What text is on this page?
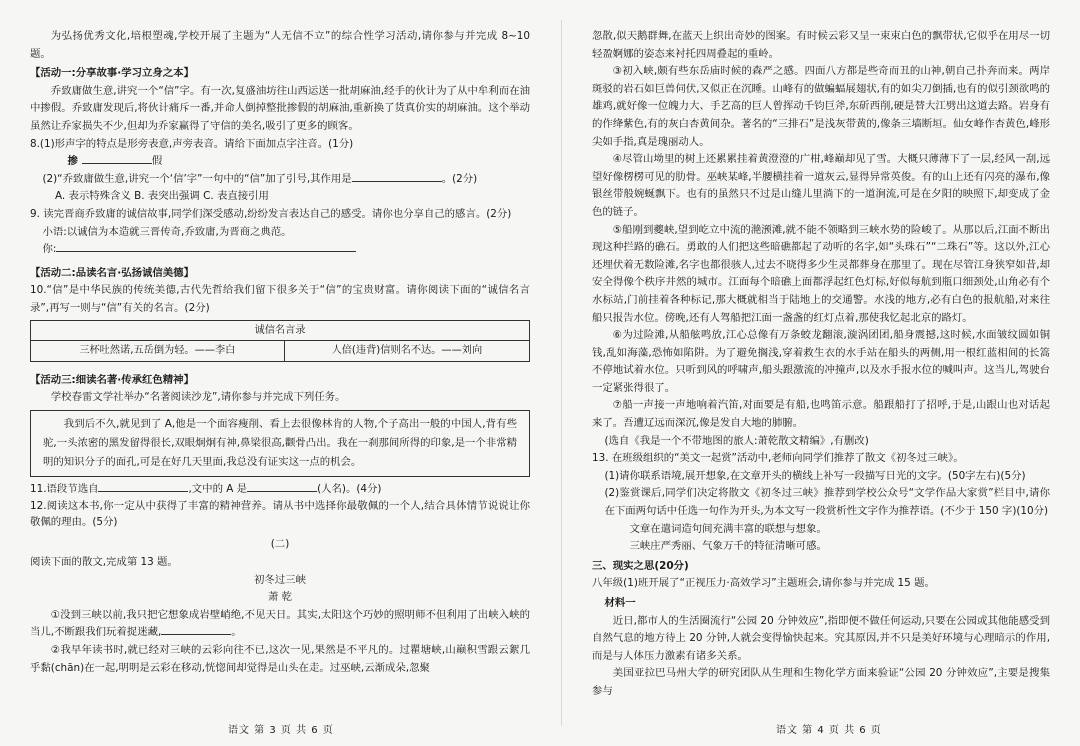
为弘扬优秀文化,培根塑魂,学校开展了主题为“人无信不立”的综合性学习活动,请你参与并完成 8~10 题。

【活动一:分享故事·学习立身之本】

乔致庸做生意,讲究一个“信”字。有一次,复盛油坊往山西运送一批胡麻油,经手的伙计为了从中牟利而在油中掺假。乔致庸发现后,将伙计痛斥一番,并命人倒掉整批掺假的胡麻油,重新换了货真价实的胡麻油。这个举动虽然让乔家损失不少,但却为乔家赢得了守信的美名,吸引了更多的顾客。

8.(1)形声字的特点是形旁表意,声旁表音。请给下面加点字注音。(1分)

掺	假

(2)“乔致庸做生意,讲究一个‘信’字”一句中的“信”加了引号,其作用是	。(2分)

A. 表示特殊含义 B. 表突出强调 C. 表直接引用

9. 读完晋商乔致庸的诚信故事,同学们深受感动,纷纷发言表达自己的感受。请你也分享自己的感言。(2分)

小语:以诚信为本造就三晋传奇,乔致庸,为晋商之典范。

你:

【活动二:品读名言·弘扬诚信美德】

10.“信”是中华民族的传统美德,古代先哲给我们留下很多关于“信”的宝贵财富。请你阅读下面的“诚信名言录”,再写一则与“信”有关的名言。(2分)

诚信名言录
三杯吐然诺,五岳倒为轻。——李白	人倍(违背)信则名不达。——刘向

【活动三:细读名著·传承红色精神】

学校春雷文学社举办“名著阅读沙龙”,请你参与并完成下列任务。

我到后不久,就见到了 A,他是一个面容瘦削、看上去很像林肯的人物,个子高出一般的中国人,背有些驼,一头浓密的黑发留得很长,双眼炯炯有神,鼻梁很高,颧骨凸出。我在一刹那间所得的印象,是一个非常精明的知识分子的面孔,可是在好几天里面,我总没有证实这一点的机会。

11.语段节选自	,文中的 A 是	(人名)。(4分)

12.阅读这本书,你一定从中获得了丰富的精神营养。请从书中选择你最敬佩的一个人,结合具体情节说说让你敬佩的理由。(5分)

(二)

阅读下面的散文,完成第 13 题。

初冬过三峡

萧 乾

①没到三峡以前,我只把它想象成岩壁峭绝,不见天日。其实,太阳这个巧妙的照明师不但利用了出峡入峡的当儿,不断跟我们玩着捉迷藏,	。

②我早年读书时,就已经对三峡的云彩向往不已,这次一见,果然是不平凡的。过瞿塘峡,山巅积雪跟云絮几乎黏(chān)在一起,明明是云彩在移动,恍惚间却觉得是山头在走。过巫峡,云渐成朵,忽聚

忽散,似天鹅群舞,在蓝天上织出奇妙的图案。有时候云彩又呈一束束白色的飘带状,它似乎在用尽一切轻盈婀娜的姿态来衬托四周叠起的重岭。

③初入峡,颇有些东岳庙时候的森严之感。四面八方都是些奇而丑的山神,朝自己扑奔而来。两岸斑驳的岩石如巨兽伺伏,又似正在沉睡。山峰有的做蝙蝠展翅状,有的如尖刀倒插,也有的似引颈欲鸣的雄鸡,就好像一位魄力大、手艺高的巨人曾挥动千钧巨斧,东斫西削,硬是替大江劈出这道去路。岩身有的作绛紫色,有的灰白杏黄间杂。著名的“三排石”是浅灰带黄的,像条三墙断垣。仙女峰作杏黄色,峰形尖如手指,真是瑰丽动人。

④尽管山坳里的树上还累累挂着黄澄澄的广柑,峰巅却见了雪。大概只薄薄下了一层,经风一刮,远望好像楞楞可见的肋骨。巫峡某峰,半腰横挂着一道灰云,显得异常英俊。有的山上还有闪亮的瀑布,像银丝带般婉蜒飘下。也有的虽然只不过是山缝儿里淌下的一道涧流,可是在夕阳的映照下,却变成了金色的链子。

⑤船刚到夔峡,望到屹立中流的滟滪滩,就不能不领略到三峡水势的险峻了。从那以后,江面不断出现这种拦路的礁石。勇敢的人们把这些暗礁都起了动听的名字,如“头珠石”“二珠石”等。这以外,江心还埋伏着无数险滩,名字也都很骇人,过去不晓得多少生灵都葬身在那里了。现在尽管江身狭窄如昔,却安全得像个秩序井然的城市。江面每个暗礁上面都浮起红色灯标,好似每航到瓶口细颈处,山角必有个水标站,门前挂着各种标记,那大概就相当于陆地上的交通警。水浅的地方,必有白色的报航船,对来往船只报告水位。傍晚,还有人驾船把江面一盏盏的红灯点着,那使我忆起北京的路灯。

⑥为过险滩,从船舷鸣放,江心总像有万条蛟龙翻滚,漩涡团团,船身震撼,这时候,水面皱纹圆如铜钱,乱如海藻,恐怖如陷阱。为了避免搁浅,穿着救生衣的水手站在船头的两侧,用一根红蓝相间的长篙不停地试着水位。只听到风的呼啸声,船头跟激流的冲撞声,以及水手报水位的喊叫声。这当儿,驾驶台一定紧张得很了。

⑦船一声接一声地响着汽笛,对面要是有船,也鸣笛示意。船跟船打了招呼,于是,山跟山也对话起来了。吾遭辽远而深沉,像是发自大地的肺腑。

(选自《我是一个不带地图的旅人:萧乾散文精编》,有删改)

13. 在班级组织的“美文一起赏”活动中,老师向同学们推荐了散文《初冬过三峡》。

(1)请你联系语境,展开想象,在文章开头的横线上补写一段描写日光的文字。(50字左右)(5分)

(2)鉴赏课后,同学们决定将散文《初冬过三峡》推荐到学校公众号“文学作品大家赏”栏目中,请你在下面两句话中任选一句作为开头,为本文写一段赏析性文字作为推荐语。(不少于 150 字)(10分)

文章在遣词造句间充满丰富的联想与想象。

三峡庄严秀丽、气象万千的特征清晰可感。

三、现实之思(20分)

八年级(1)班开展了“正视压力·高效学习”主题班会,请你参与并完成 15 题。

材料一

近日,都市人的生活圈流行“公园 20 分钟效应”,指即便不做任何运动,只要在公园或其他能感受到自然气息的地方待上 20 分钟,人就会变得愉快起来。究其原因,并不只是美好环境与心理暗示的作用,而是与人体压力激素有诸多关系。

美国亚拉巴马州大学的研究团队从生理和生物化学方面来验证“公园 20 分钟效应”,主要是搜集参与

语文 第 3 页 共 6 页	语文 第 4 页 共 6 页
